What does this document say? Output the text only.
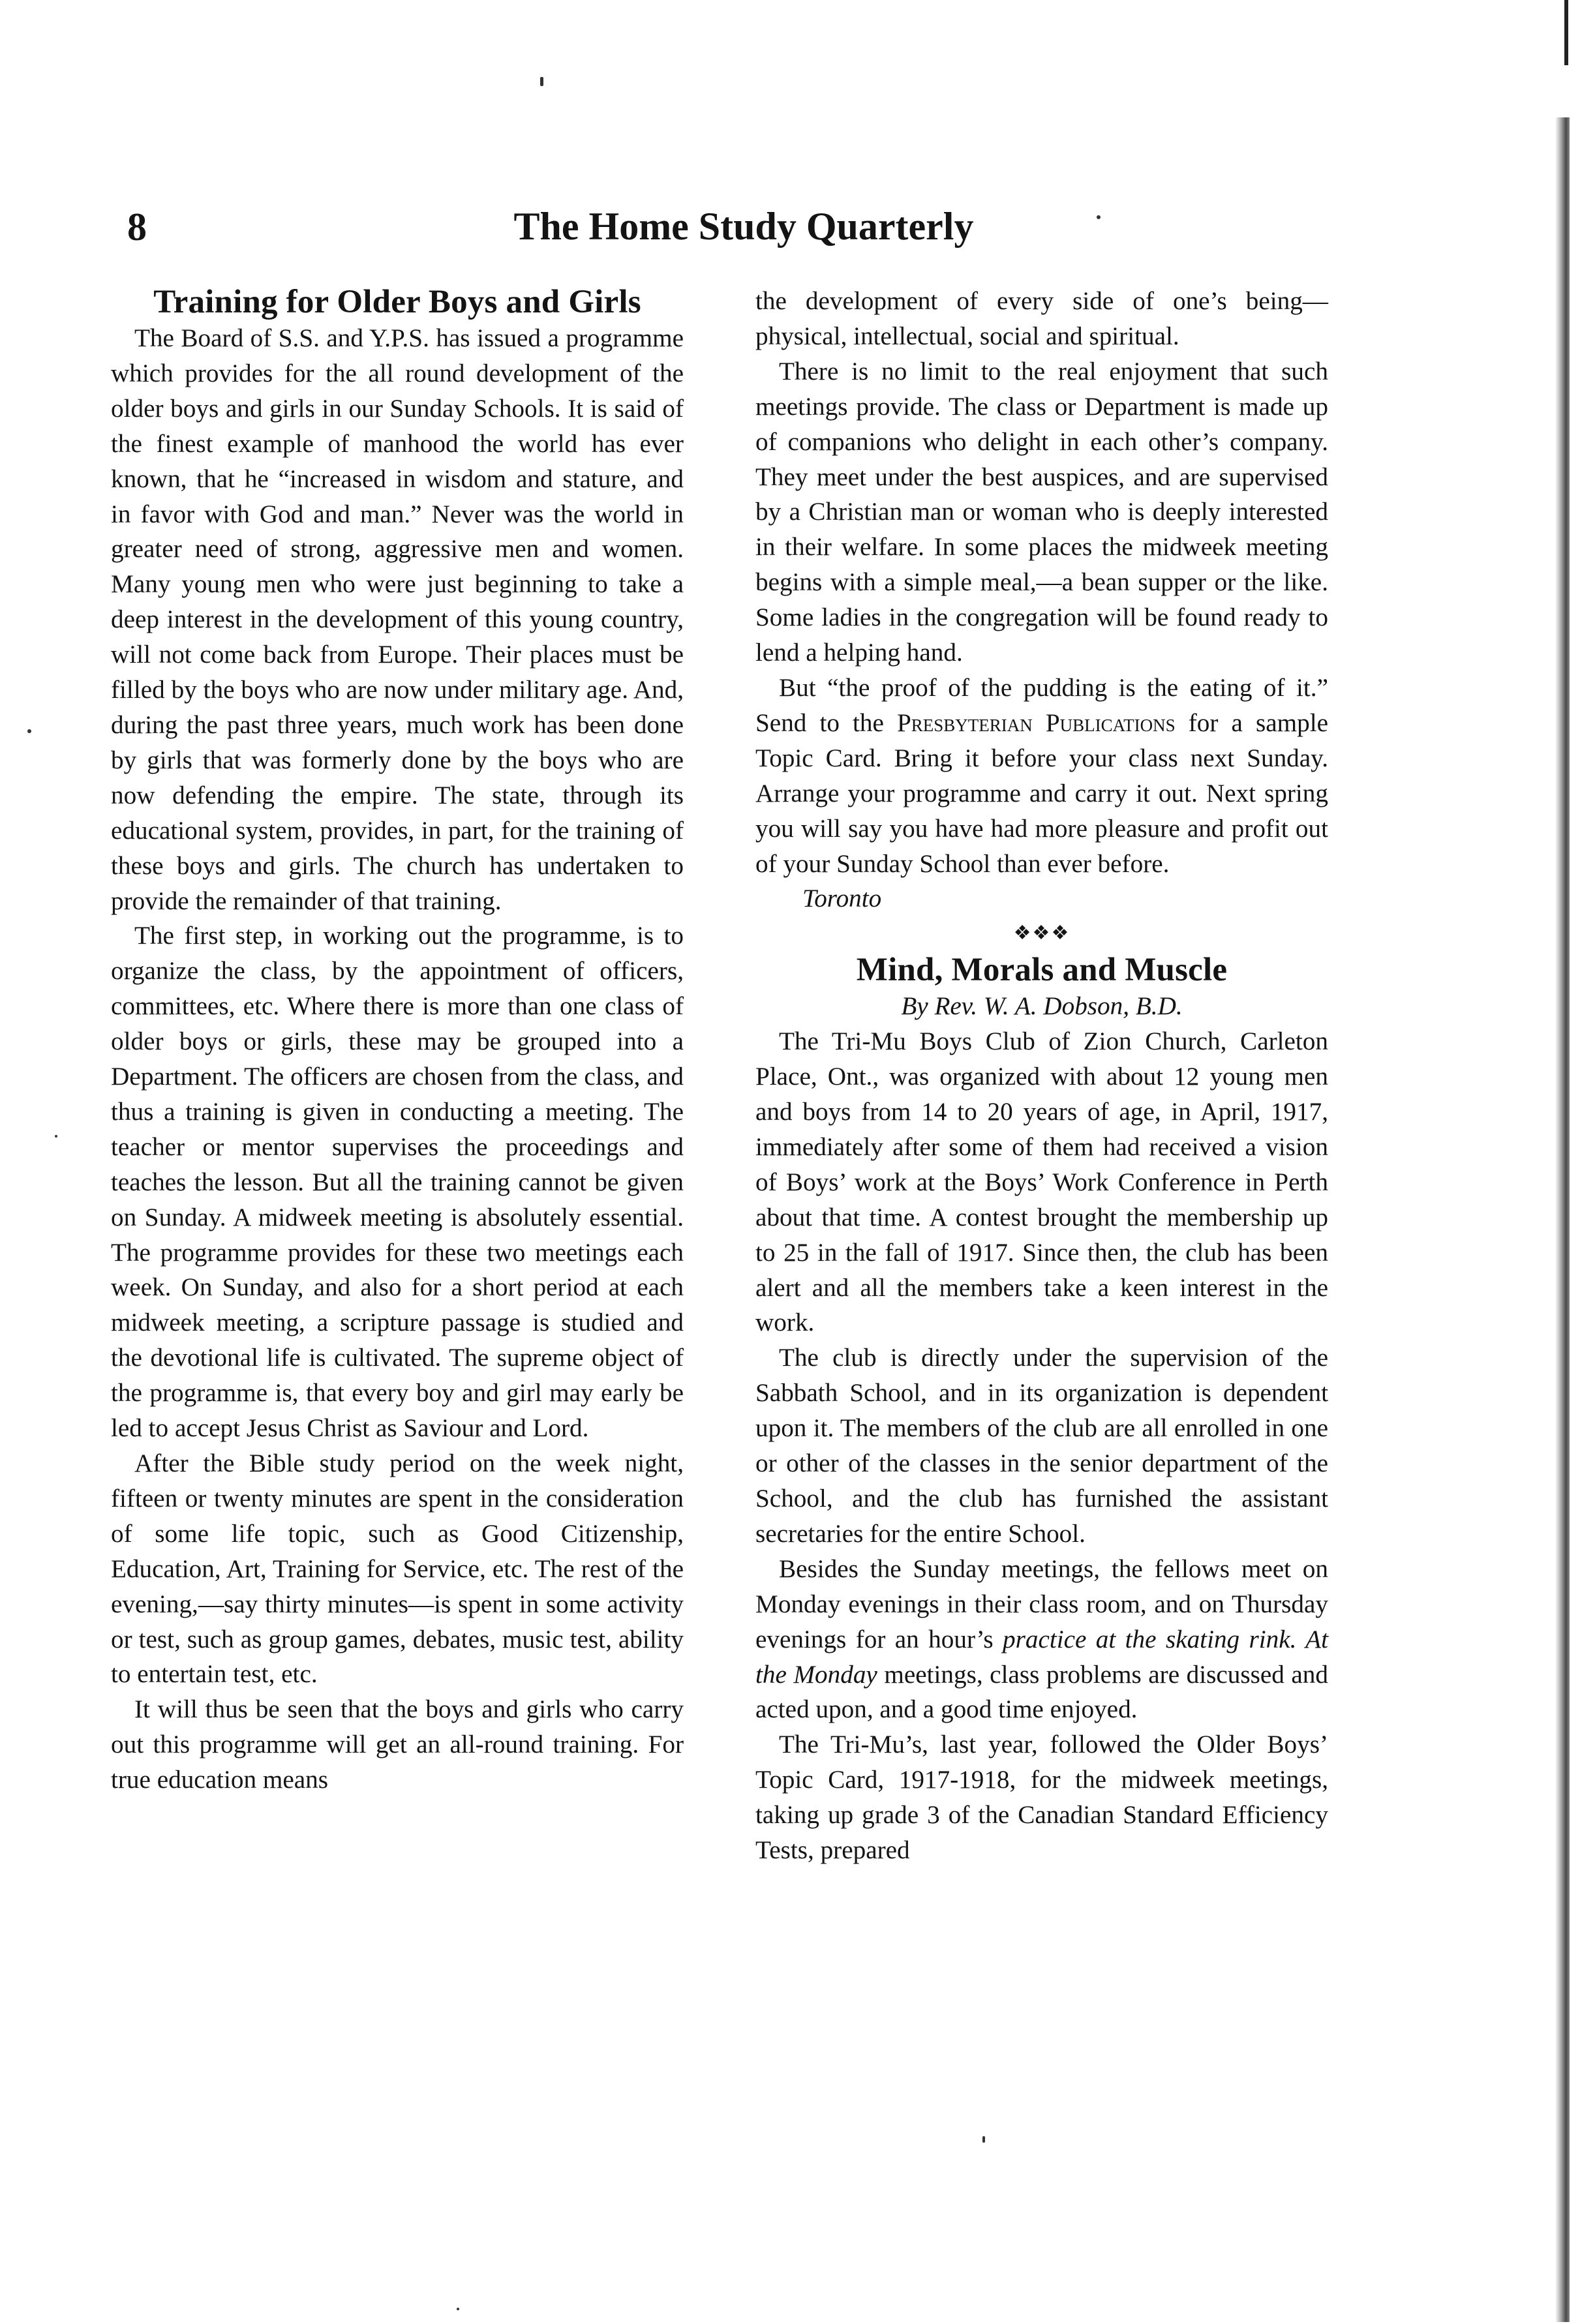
8	The Home Study Quarterly
Training for Older Boys and Girls

The Board of S.S. and Y.P.S. has issued a programme which provides for the all round development of the older boys and girls in our Sunday Schools. It is said of the finest example of manhood the world has ever known, that he “increased in wisdom and stature, and in favor with God and man.” Never was the world in greater need of strong, aggressive men and women. Many young men who were just beginning to take a deep interest in the development of this young country, will not come back from Europe. Their places must be filled by the boys who are now under military age. And, during the past three years, much work has been done by girls that was formerly done by the boys who are now defending the empire. The state, through its educational system, provides, in part, for the training of these boys and girls. The church has undertaken to provide the remainder of that training.

The first step, in working out the programme, is to organize the class, by the appointment of officers, committees, etc. Where there is more than one class of older boys or girls, these may be grouped into a Department. The officers are chosen from the class, and thus a training is given in conducting a meeting. The teacher or mentor supervises the proceedings and teaches the lesson. But all the training cannot be given on Sunday. A midweek meeting is absolutely essential. The programme provides for these two meetings each week. On Sunday, and also for a short period at each midweek meeting, a scripture passage is studied and the devotional life is cultivated. The supreme object of the programme is, that every boy and girl may early be led to accept Jesus Christ as Saviour and Lord.

After the Bible study period on the week night, fifteen or twenty minutes are spent in the consideration of some life topic, such as Good Citizenship, Education, Art, Training for Service, etc. The rest of the evening,—say thirty minutes—is spent in some activity or test, such as group games, debates, music test, ability to entertain test, etc.

It will thus be seen that the boys and girls who carry out this programme will get an all-round training. For true education means

the development of every side of one’s being—physical, intellectual, social and spiritual.

There is no limit to the real enjoyment that such meetings provide. The class or Department is made up of companions who delight in each other’s company. They meet under the best auspices, and are supervised by a Christian man or woman who is deeply interested in their welfare. In some places the midweek meeting begins with a simple meal,—a bean supper or the like. Some ladies in the congregation will be found ready to lend a helping hand.

But “the proof of the pudding is the eating of it.” Send to the Presbyterian Publications for a sample Topic Card. Bring it before your class next Sunday. Arrange your programme and carry it out. Next spring you will say you have had more pleasure and profit out of your Sunday School than ever before.

Toronto

❖❖❖
Mind, Morals and Muscle
By Rev. W. A. Dobson, B.D.

The Tri-Mu Boys Club of Zion Church, Carleton Place, Ont., was organized with about 12 young men and boys from 14 to 20 years of age, in April, 1917, immediately after some of them had received a vision of Boys’ work at the Boys’ Work Conference in Perth about that time. A contest brought the membership up to 25 in the fall of 1917. Since then, the club has been alert and all the members take a keen interest in the work.

The club is directly under the supervision of the Sabbath School, and in its organization is dependent upon it. The members of the club are all enrolled in one or other of the classes in the senior department of the School, and the club has furnished the assistant secretaries for the entire School.

Besides the Sunday meetings, the fellows meet on Monday evenings in their class room, and on Thursday evenings for an hour’s practice at the skating rink. At the Monday meetings, class problems are discussed and acted upon, and a good time enjoyed.

The Tri-Mu’s, last year, followed the Older Boys’ Topic Card, 1917-1918, for the midweek meetings, taking up grade 3 of the Canadian Standard Efficiency Tests, prepared
